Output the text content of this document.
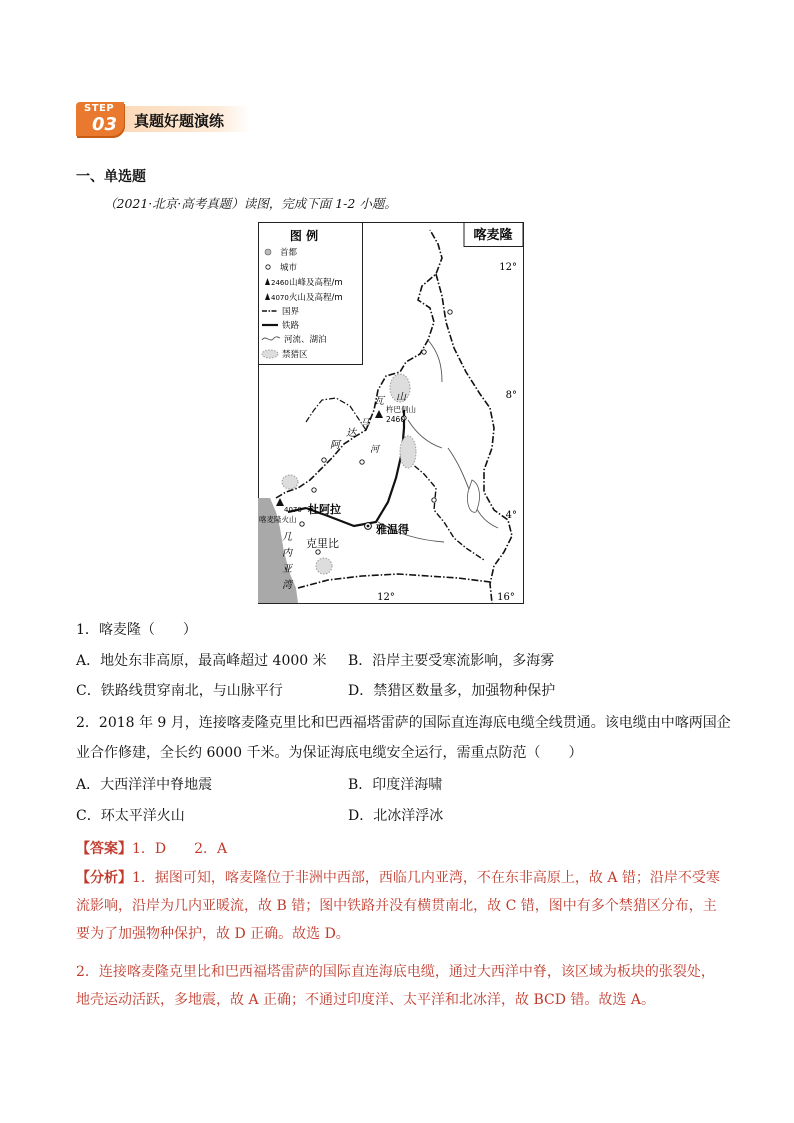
STEP
03 真题好题演练
一、单选题
（2021·北京·高考真题）读图，完成下面 1-2 小题。
12°
8°
4°
12°	16°
喀麦隆
杵巴侗山
2460
阿
达
马
瓦 山
河
4070
喀麦隆火山
杜阿拉
雅温得
克里比
几
内
亚
湾
图 例
首都
城市
2460 山峰及高程/m
4070 火山及高程/m
国界
铁路
河流、湖泊
禁猎区
1．喀麦隆（　　）
A．地处东非高原，最高峰超过 4000 米 B．沿岸主要受寒流影响，多海雾
C．铁路线贯穿南北，与山脉平行	D．禁猎区数量多，加强物种保护
2．2018 年 9 月，连接喀麦隆克里比和巴西福塔雷萨的国际直连海底电缆全线贯通。该电缆由中喀两国企
业合作修建，全长约 6000 千米。为保证海底电缆安全运行，需重点防范（　　）
A．大西洋洋中脊地震	B．印度洋海啸
C．环太平洋火山	D．北冰洋浮冰
【答案】1．D　　2．A
【分析】1．据图可知，喀麦隆位于非洲中西部，西临几内亚湾，不在东非高原上，故 A 错；沿岸不受寒流影响，沿岸为几内亚暖流，故 B 错；图中铁路并没有横贯南北，故 C 错，图中有多个禁猎区分布，主要为了加强物种保护，故 D 正确。故选 D。
2．连接喀麦隆克里比和巴西福塔雷萨的国际直连海底电缆，通过大西洋中脊，该区域为板块的张裂处，地壳运动活跃，多地震，故 A 正确；不通过印度洋、太平洋和北冰洋，故 BCD 错。故选 A。
